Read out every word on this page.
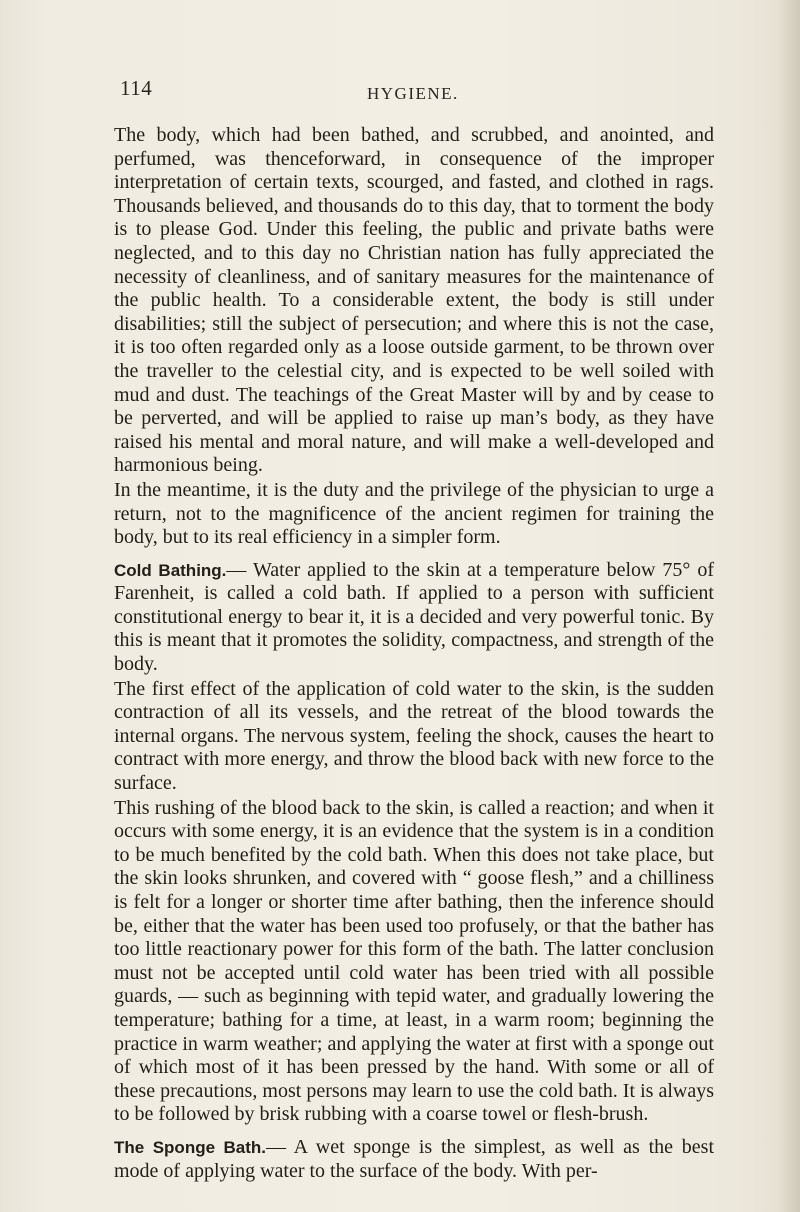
114	HYGIENE.

The body, which had been bathed, and scrubbed, and anointed, and perfumed, was thenceforward, in consequence of the improper interpretation of certain texts, scourged, and fasted, and clothed in rags. Thousands believed, and thousands do to this day, that to torment the body is to please God. Under this feeling, the public and private baths were neglected, and to this day no Christian nation has fully appreciated the necessity of cleanliness, and of sanitary measures for the maintenance of the public health. To a considerable extent, the body is still under disabilities; still the subject of persecution; and where this is not the case, it is too often regarded only as a loose outside garment, to be thrown over the traveller to the celestial city, and is expected to be well soiled with mud and dust. The teachings of the Great Master will by and by cease to be perverted, and will be applied to raise up man’s body, as they have raised his mental and moral nature, and will make a well-developed and harmonious being.

In the meantime, it is the duty and the privilege of the physician to urge a return, not to the magnificence of the ancient regimen for training the body, but to its real efficiency in a simpler form.

Cold Bathing.— Water applied to the skin at a temperature below 75° of Farenheit, is called a cold bath. If applied to a person with sufficient constitutional energy to bear it, it is a decided and very powerful tonic. By this is meant that it promotes the solidity, compactness, and strength of the body.

The first effect of the application of cold water to the skin, is the sudden contraction of all its vessels, and the retreat of the blood towards the internal organs. The nervous system, feeling the shock, causes the heart to contract with more energy, and throw the blood back with new force to the surface.

This rushing of the blood back to the skin, is called a reaction; and when it occurs with some energy, it is an evidence that the system is in a condition to be much benefited by the cold bath. When this does not take place, but the skin looks shrunken, and covered with “ goose flesh,” and a chilliness is felt for a longer or shorter time after bathing, then the inference should be, either that the water has been used too profusely, or that the bather has too little reactionary power for this form of the bath. The latter conclusion must not be accepted until cold water has been tried with all possible guards, — such as beginning with tepid water, and gradually lowering the temperature; bathing for a time, at least, in a warm room; beginning the practice in warm weather; and applying the water at first with a sponge out of which most of it has been pressed by the hand. With some or all of these precautions, most persons may learn to use the cold bath. It is always to be followed by brisk rubbing with a coarse towel or flesh-brush.

The Sponge Bath.— A wet sponge is the simplest, as well as the best mode of applying water to the surface of the body. With per-
